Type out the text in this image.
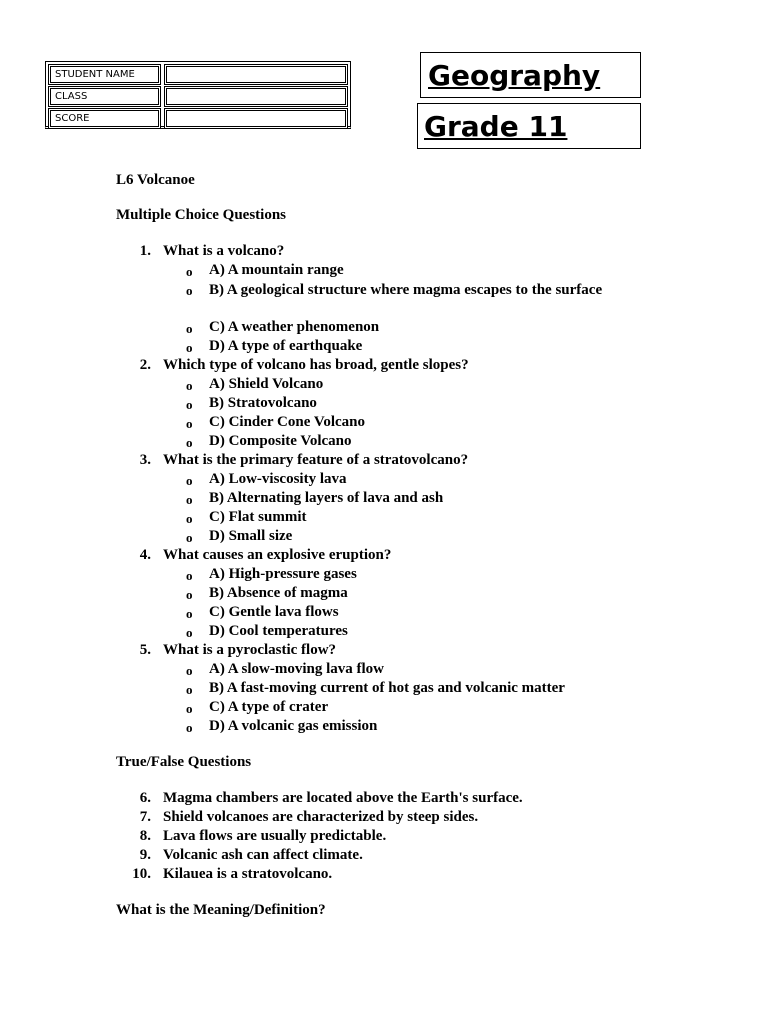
STUDENT NAME
CLASS
SCORE
Geography
Grade 11
L6 Volcanoe
Multiple Choice Questions
1. What is a volcano?
o A) A mountain range
o B) A geological structure where magma escapes to the surface
o C) A weather phenomenon
o D) A type of earthquake
2. Which type of volcano has broad, gentle slopes?
o A) Shield Volcano
o B) Stratovolcano
o C) Cinder Cone Volcano
o D) Composite Volcano
3. What is the primary feature of a stratovolcano?
o A) Low-viscosity lava
o B) Alternating layers of lava and ash
o C) Flat summit
o D) Small size
4. What causes an explosive eruption?
o A) High-pressure gases
o B) Absence of magma
o C) Gentle lava flows
o D) Cool temperatures
5. What is a pyroclastic flow?
o A) A slow-moving lava flow
o B) A fast-moving current of hot gas and volcanic matter
o C) A type of crater
o D) A volcanic gas emission
True/False Questions
6. Magma chambers are located above the Earth's surface.
7. Shield volcanoes are characterized by steep sides.
8. Lava flows are usually predictable.
9. Volcanic ash can affect climate.
10. Kilauea is a stratovolcano.
What is the Meaning/Definition?
